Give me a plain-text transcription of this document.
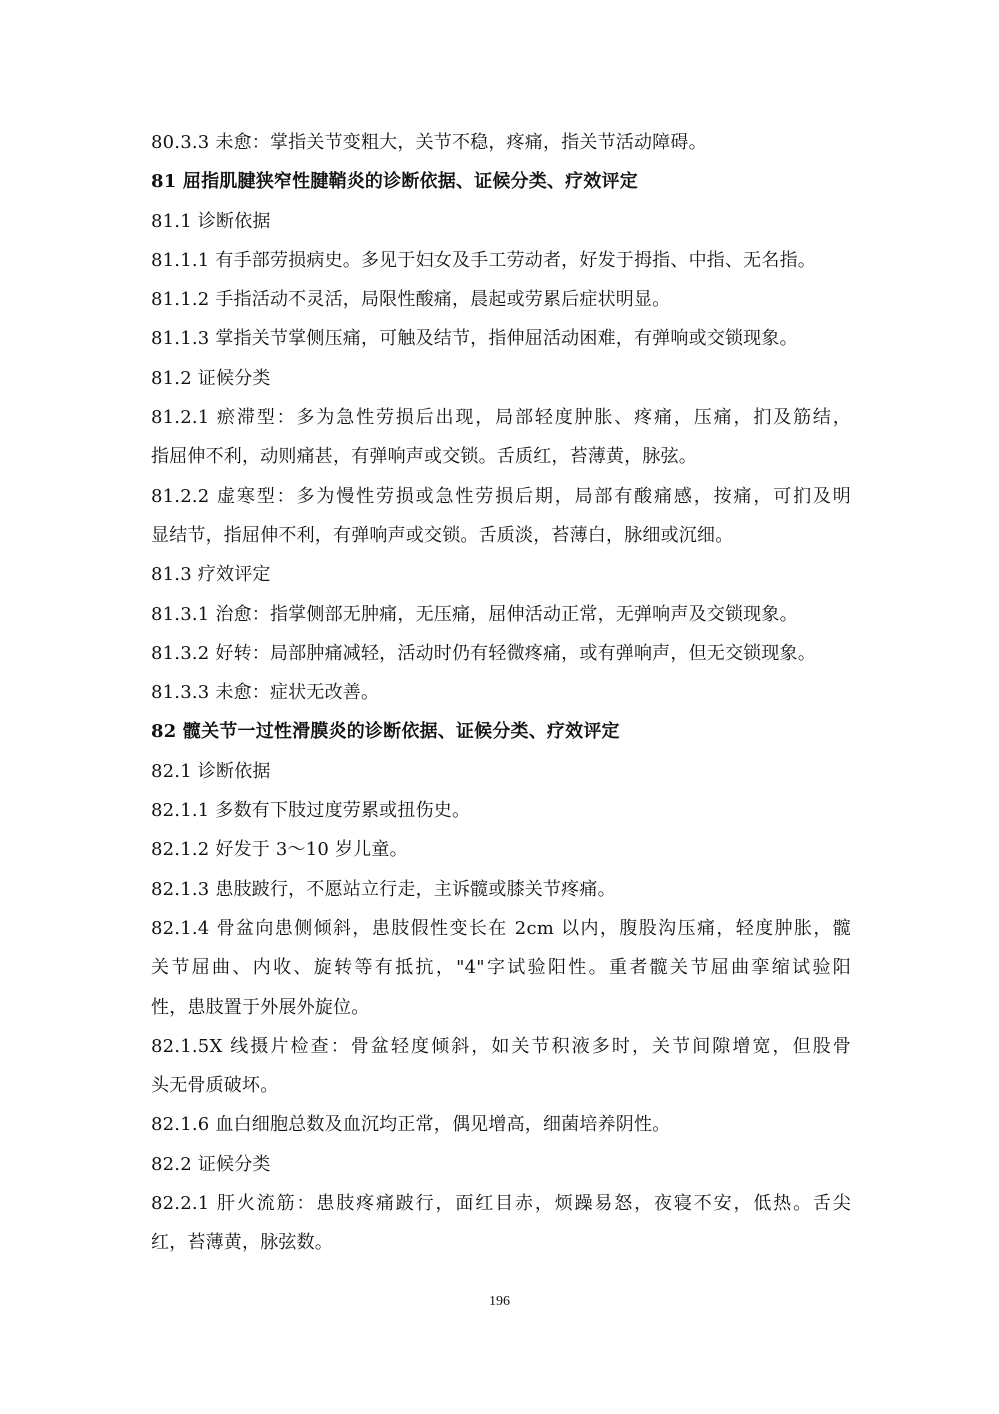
80.3.3 未愈：掌指关节变粗大，关节不稳，疼痛，指关节活动障碍。
81 屈指肌腱狭窄性腱鞘炎的诊断依据、证候分类、疗效评定
81.1 诊断依据
81.1.1 有手部劳损病史。多见于妇女及手工劳动者，好发于拇指、中指、无名指。
81.1.2 手指活动不灵活，局限性酸痛，晨起或劳累后症状明显。
81.1.3 掌指关节掌侧压痛，可触及结节，指伸屈活动困难，有弹响或交锁现象。
81.2 证候分类
81.2.1 瘀滞型：多为急性劳损后出现，局部轻度肿胀、疼痛，压痛，扪及筋结，
指屈伸不利，动则痛甚，有弹响声或交锁。舌质红，苔薄黄，脉弦。
81.2.2 虚寒型：多为慢性劳损或急性劳损后期，局部有酸痛感，按痛，可扪及明
显结节，指屈伸不利，有弹响声或交锁。舌质淡，苔薄白，脉细或沉细。
81.3 疗效评定
81.3.1 治愈：指掌侧部无肿痛，无压痛，屈伸活动正常，无弹响声及交锁现象。
81.3.2 好转：局部肿痛减轻，活动时仍有轻微疼痛，或有弹响声，但无交锁现象。
81.3.3 未愈：症状无改善。
82 髋关节一过性滑膜炎的诊断依据、证候分类、疗效评定
82.1 诊断依据
82.1.1 多数有下肢过度劳累或扭伤史。
82.1.2 好发于 3～10 岁儿童。
82.1.3 患肢跛行，不愿站立行走，主诉髋或膝关节疼痛。
82.1.4 骨盆向患侧倾斜，患肢假性变长在 2cm 以内，腹股沟压痛，轻度肿胀，髋
关节屈曲、内收、旋转等有抵抗，"4"字试验阳性。重者髋关节屈曲挛缩试验阳
性，患肢置于外展外旋位。
82.1.5X 线摄片检查：骨盆轻度倾斜，如关节积液多时，关节间隙增宽，但股骨
头无骨质破坏。
82.1.6 血白细胞总数及血沉均正常，偶见增高，细菌培养阴性。
82.2 证候分类
82.2.1 肝火流筋：患肢疼痛跛行，面红目赤，烦躁易怒，夜寝不安，低热。舌尖
红，苔薄黄，脉弦数。
196
